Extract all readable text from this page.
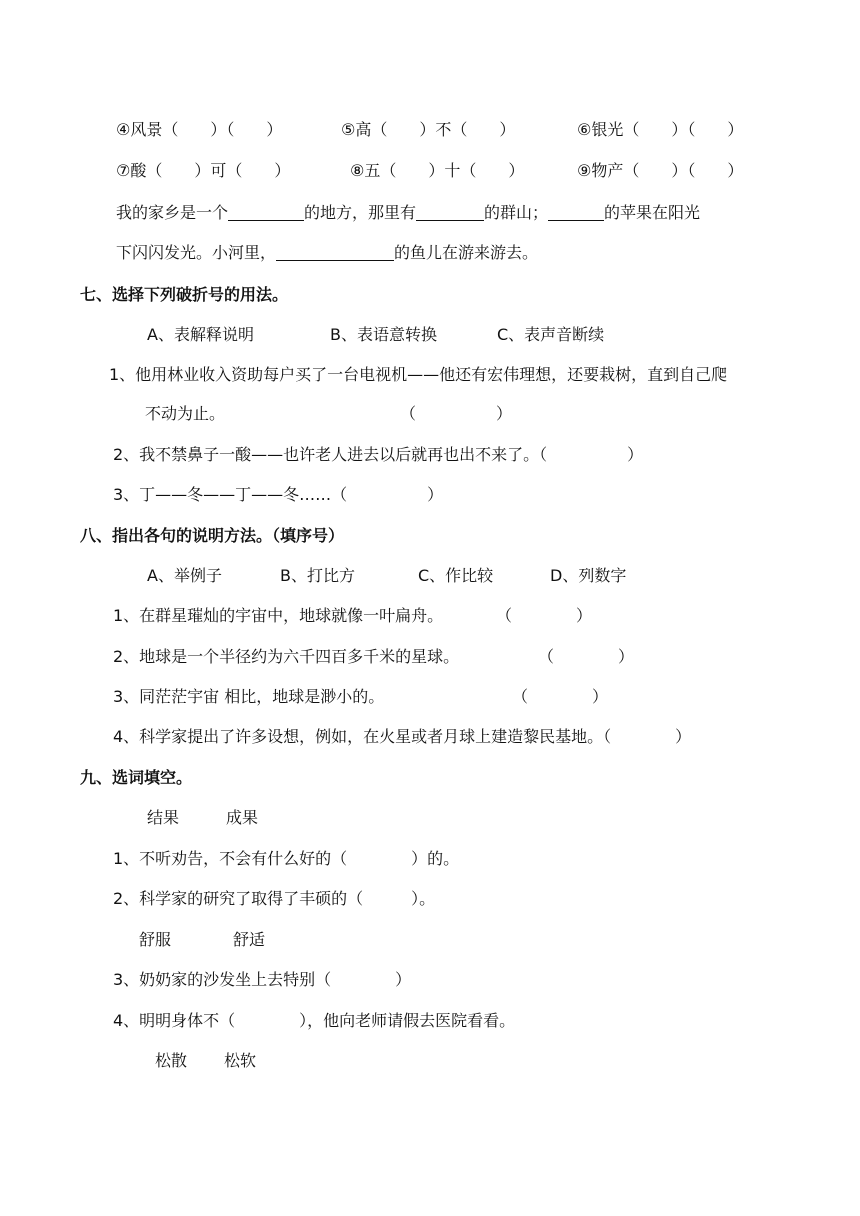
④风景（　　）（　　）	⑤高（　　）不（　　）	⑥银光（　　）（　　）
⑦酸（　　）可（　　）	⑧五（　　）十（　　）	⑨物产（　　）（　　）
我的家乡是一个	的地方，那里有	的群山；	的苹果在阳光
下闪闪发光。小河里，	的鱼儿在游来游去。
七、选择下列破折号的用法。
A、表解释说明	B、表语意转换	C、表声音断续
1、他用林业收入资助每户买了一台电视机——他还有宏伟理想，还要栽树，直到自己爬
不动为止。	（　　　　　）
2、我不禁鼻子一酸——也许老人进去以后就再也出不来了。（　　　　　）
3、丁——冬——丁——冬……（　　　　　）
八、指出各句的说明方法。（填序号）
A、举例子	B、打比方	C、作比较	D、列数字
1、在群星璀灿的宇宙中，地球就像一叶扁舟。	（　　　　）
2、地球是一个半径约为六千四百多千米的星球。	（　　　　）
3、同茫茫宇宙 相比，地球是渺小的。	（　　　　）
4、科学家提出了许多设想，例如，在火星或者月球上建造黎民基地。（　　　　）
九、选词填空。
结果	成果
1、不听劝告，不会有什么好的（　　　　）的。
2、科学家的研究了取得了丰硕的（　　　）。
舒服	舒适
3、奶奶家的沙发坐上去特别（　　　　）
4、明明身体不（　　　　），他向老师请假去医院看看。
松散 松软
